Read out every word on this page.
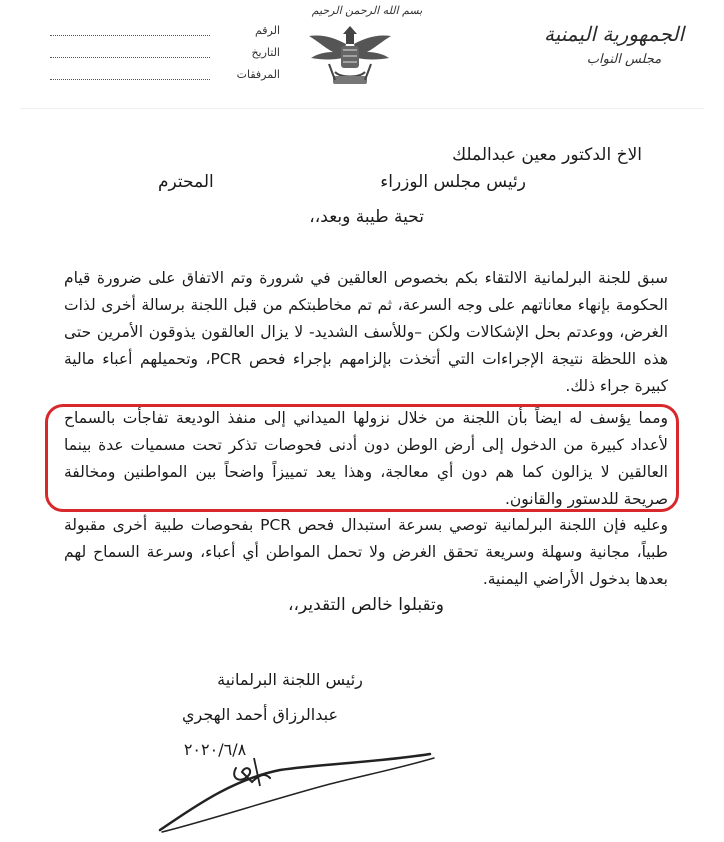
بسم الله الرحمن الرحيم
الجمهورية اليمنية
مجلس النواب
الرقم
التاريخ
المرفقات
الاخ الدكتور معين عبدالملك
رئيس مجلس الوزراء
المحترم
تحية طيبة وبعد،،
سبق للجنة البرلمانية الالتقاء بكم بخصوص العالقين في شرورة وتم الاتفاق على ضرورة قيام الحكومة بإنهاء معاناتهم على وجه السرعة، ثم تم مخاطبتكم من قبل اللجنة برسالة أخرى لذات الغرض، ووعدتم بحل الإشكالات ولكن –وللأسف الشديد- لا يزال العالقون يذوقون الأمرين حتى هذه اللحظة نتيجة الإجراءات التي أتخذت بإلزامهم بإجراء فحص PCR، وتحميلهم أعباء مالية كبيرة جراء ذلك.
ومما يؤسف له ايضاً بأن اللجنة من خلال نزولها الميداني إلى منفذ الوديعة تفاجأت بالسماح لأعداد كبيرة من الدخول إلى أرض الوطن دون أدنى فحوصات تذكر تحت مسميات عدة بينما العالقين لا يزالون كما هم دون أي معالجة، وهذا يعد تمييزاً واضحاً بين المواطنين ومخالفة صريحة للدستور والقانون.
وعليه فإن اللجنة البرلمانية توصي بسرعة استبدال فحص PCR بفحوصات طبية أخرى مقبولة طبياً، مجانية وسهلة وسريعة تحقق الغرض ولا تحمل المواطن أي أعباء، وسرعة السماح لهم بعدها بدخول الأراضي اليمنية.
وتقبلوا خالص التقدير،،
رئيس اللجنة البرلمانية
عبدالرزاق أحمد الهجري
٢٠٢٠/٦/٨
